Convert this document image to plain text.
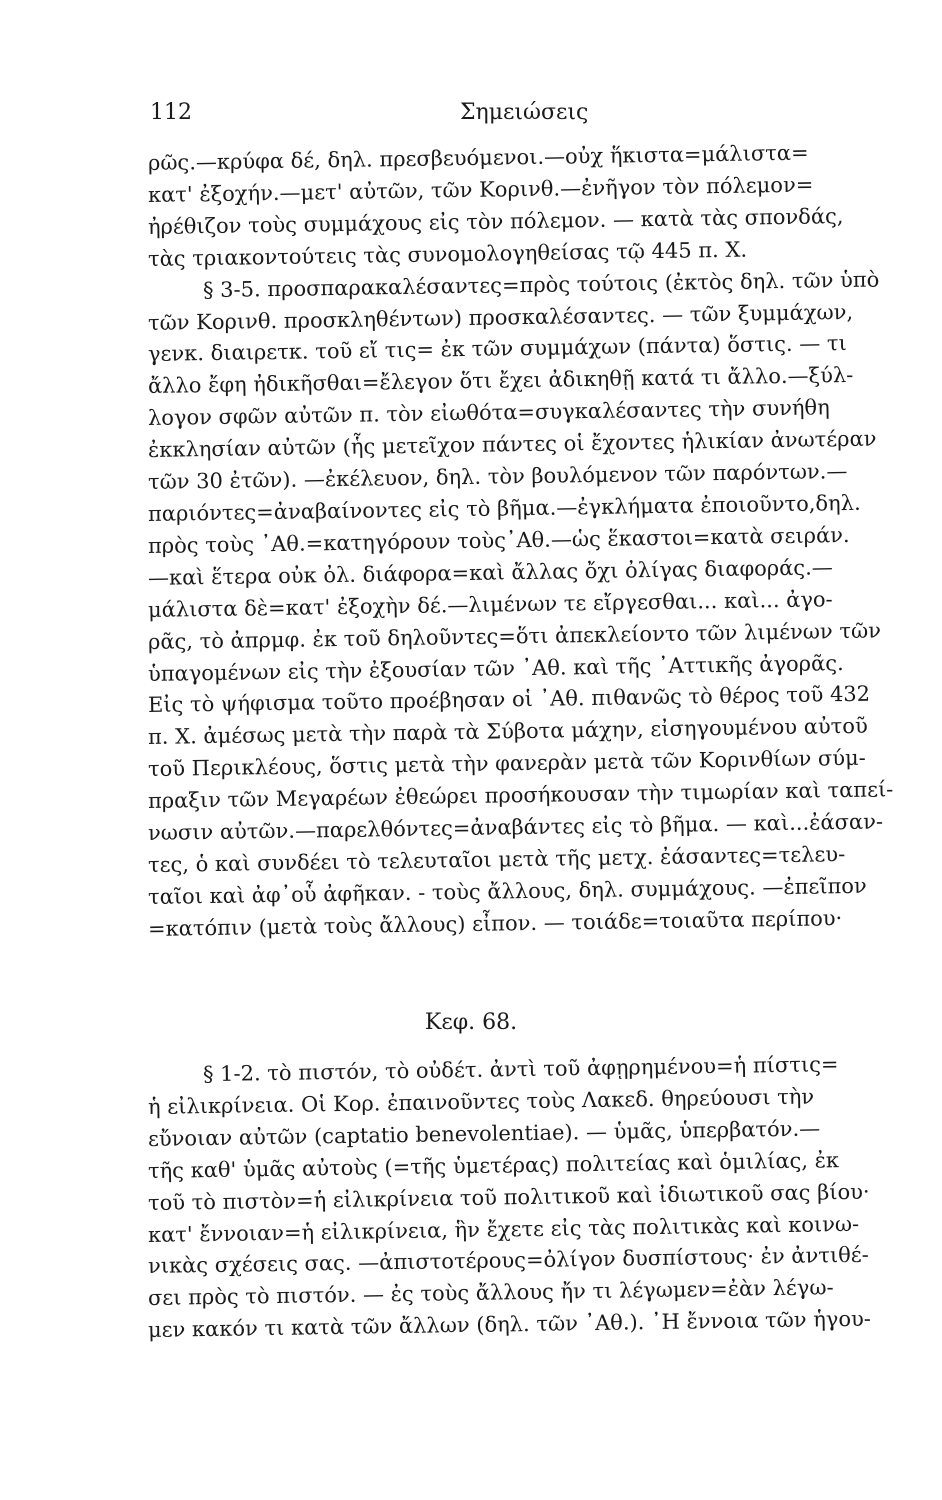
112	Σημειώσεις
ρῶς.—κρύφα δέ, δηλ. πρεσβευόμενοι.—οὐχ ἥκιστα=μάλιστα=
κατ' ἐξοχήν.—μετ' αὐτῶν, τῶν Κορινθ.—ἐνῆγον τὸν πόλεμον=
ἠρέθιζον τοὺς συμμάχους εἰς τὸν πόλεμον. — κατὰ τὰς σπονδάς,
τὰς τριακοντούτεις τὰς συνομολογηθείσας τῷ 445 π. Χ.
§ 3-5. προσπαρακαλέσαντες=πρὸς τούτοις (ἐκτὸς δηλ. τῶν ὑπὸ
τῶν Κορινθ. προσκληθέντων) προσκαλέσαντες. — τῶν ξυμμάχων,
γενκ. διαιρετκ. τοῦ εἴ τις= ἐκ τῶν συμμάχων (πάντα) ὅστις. — τι
ἄλλο ἔφη ἠδικῆσθαι=ἔλεγον ὅτι ἔχει ἀδικηθῇ κατά τι ἄλλο.—ξύλ-
λογον σφῶν αὐτῶν π. τὸν εἰωθότα=συγκαλέσαντες τὴν συνήθη
ἐκκλησίαν αὐτῶν (ἧς μετεῖχον πάντες οἱ ἔχοντες ἡλικίαν ἀνωτέραν
τῶν 30 ἐτῶν). —ἐκέλευον, δηλ. τὸν βουλόμενον τῶν παρόντων.—
παριόντες=ἀναβαίνοντες εἰς τὸ βῆμα.—ἐγκλήματα ἐποιοῦντο,δηλ.
πρὸς τοὺς ᾽Αθ.=κατηγόρουν τοὺς᾽Αθ.—ὡς ἕκαστοι=κατὰ σειράν.
—καὶ ἕτερα οὐκ ὀλ. διάφορα=καὶ ἄλλας ὄχι ὀλίγας διαφοράς.—
μάλιστα δὲ=κατ' ἐξοχὴν δέ.—λιμένων τε εἴργεσθαι... καὶ... ἀγο-
ρᾶς, τὸ ἀπρμφ. ἐκ τοῦ δηλοῦντες=ὅτι ἀπεκλείοντο τῶν λιμένων τῶν
ὑπαγομένων εἰς τὴν ἐξουσίαν τῶν ᾽Αθ. καὶ τῆς ᾽Αττικῆς ἀγορᾶς.
Εἰς τὸ ψήφισμα τοῦτο προέβησαν οἱ ᾽Αθ. πιθανῶς τὸ θέρος τοῦ 432
π. Χ. ἀμέσως μετὰ τὴν παρὰ τὰ Σύβοτα μάχην, εἰσηγουμένου αὐτοῦ
τοῦ Περικλέους, ὅστις μετὰ τὴν φανερὰν μετὰ τῶν Κορινθίων σύμ-
πραξιν τῶν Μεγαρέων ἐθεώρει προσήκουσαν τὴν τιμωρίαν καὶ ταπεί-
νωσιν αὐτῶν.—παρελθόντες=ἀναβάντες εἰς τὸ βῆμα. — καὶ...ἐάσαν-
τες, ὁ καὶ συνδέει τὸ τελευταῖοι μετὰ τῆς μετχ. ἐάσαντες=τελευ-
ταῖοι καὶ ἀφ᾽οὗ ἀφῆκαν. - τοὺς ἄλλους, δηλ. συμμάχους. —ἐπεῖπον
=κατόπιν (μετὰ τοὺς ἄλλους) εἶπον. — τοιάδε=τοιαῦτα περίπου·
Κεφ. 68.
§ 1-2. τὸ πιστόν, τὸ οὐδέτ. ἀντὶ τοῦ ἀφῃρημένου=ἡ πίστις=
ἡ εἰλικρίνεια. Οἱ Κορ. ἐπαινοῦντες τοὺς Λακεδ. θηρεύουσι τὴν
εὔνοιαν αὐτῶν (captatio benevolentiae). — ὑμᾶς, ὑπερβατόν.—
τῆς καθ' ὑμᾶς αὐτοὺς (=τῆς ὑμετέρας) πολιτείας καὶ ὁμιλίας, ἐκ
τοῦ τὸ πιστὸν=ἡ εἰλικρίνεια τοῦ πολιτικοῦ καὶ ἰδιωτικοῦ σας βίου·
κατ' ἔννοιαν=ἡ εἰλικρίνεια, ἣν ἔχετε εἰς τὰς πολιτικὰς καὶ κοινω-
νικὰς σχέσεις σας. —ἀπιστοτέρους=ὀλίγον δυσπίστους· ἐν ἀντιθέ-
σει πρὸς τὸ πιστόν. — ἐς τοὺς ἄλλους ἤν τι λέγωμεν=ἐὰν λέγω-
μεν κακόν τι κατὰ τῶν ἄλλων (δηλ. τῶν ᾽Αθ.). ᾽Η ἔννοια τῶν ἡγου-
